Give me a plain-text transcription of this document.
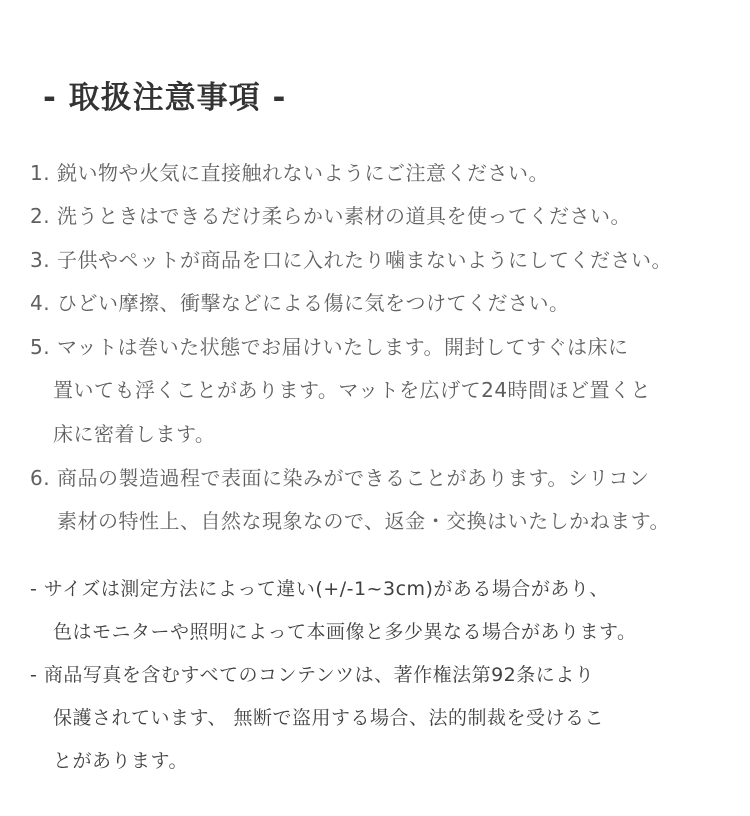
- 取扱注意事項 -
1. 鋭い物や火気に直接触れないようにご注意ください。
2. 洗うときはできるだけ柔らかい素材の道具を使ってください。
3. 子供やペットが商品を口に入れたり噛まないようにしてください。
4. ひどい摩擦、衝撃などによる傷に気をつけてください。
5. マットは巻いた状態でお届けいたします。開封してすぐは床に
置いても浮くことがあります。マットを広げて24時間ほど置くと
床に密着します。
6. 商品の製造過程で表面に染みができることがあります。シリコン
素材の特性上、自然な現象なので、返金・交換はいたしかねます。
- サイズは測定方法によって違い(+/-1~3cm)がある場合があり、
色はモニターや照明によって本画像と多少異なる場合があります。
- 商品写真を含むすべてのコンテンツは、著作権法第92条により
保護されています、 無断で盗用する場合、法的制裁を受けるこ
とがあります。
